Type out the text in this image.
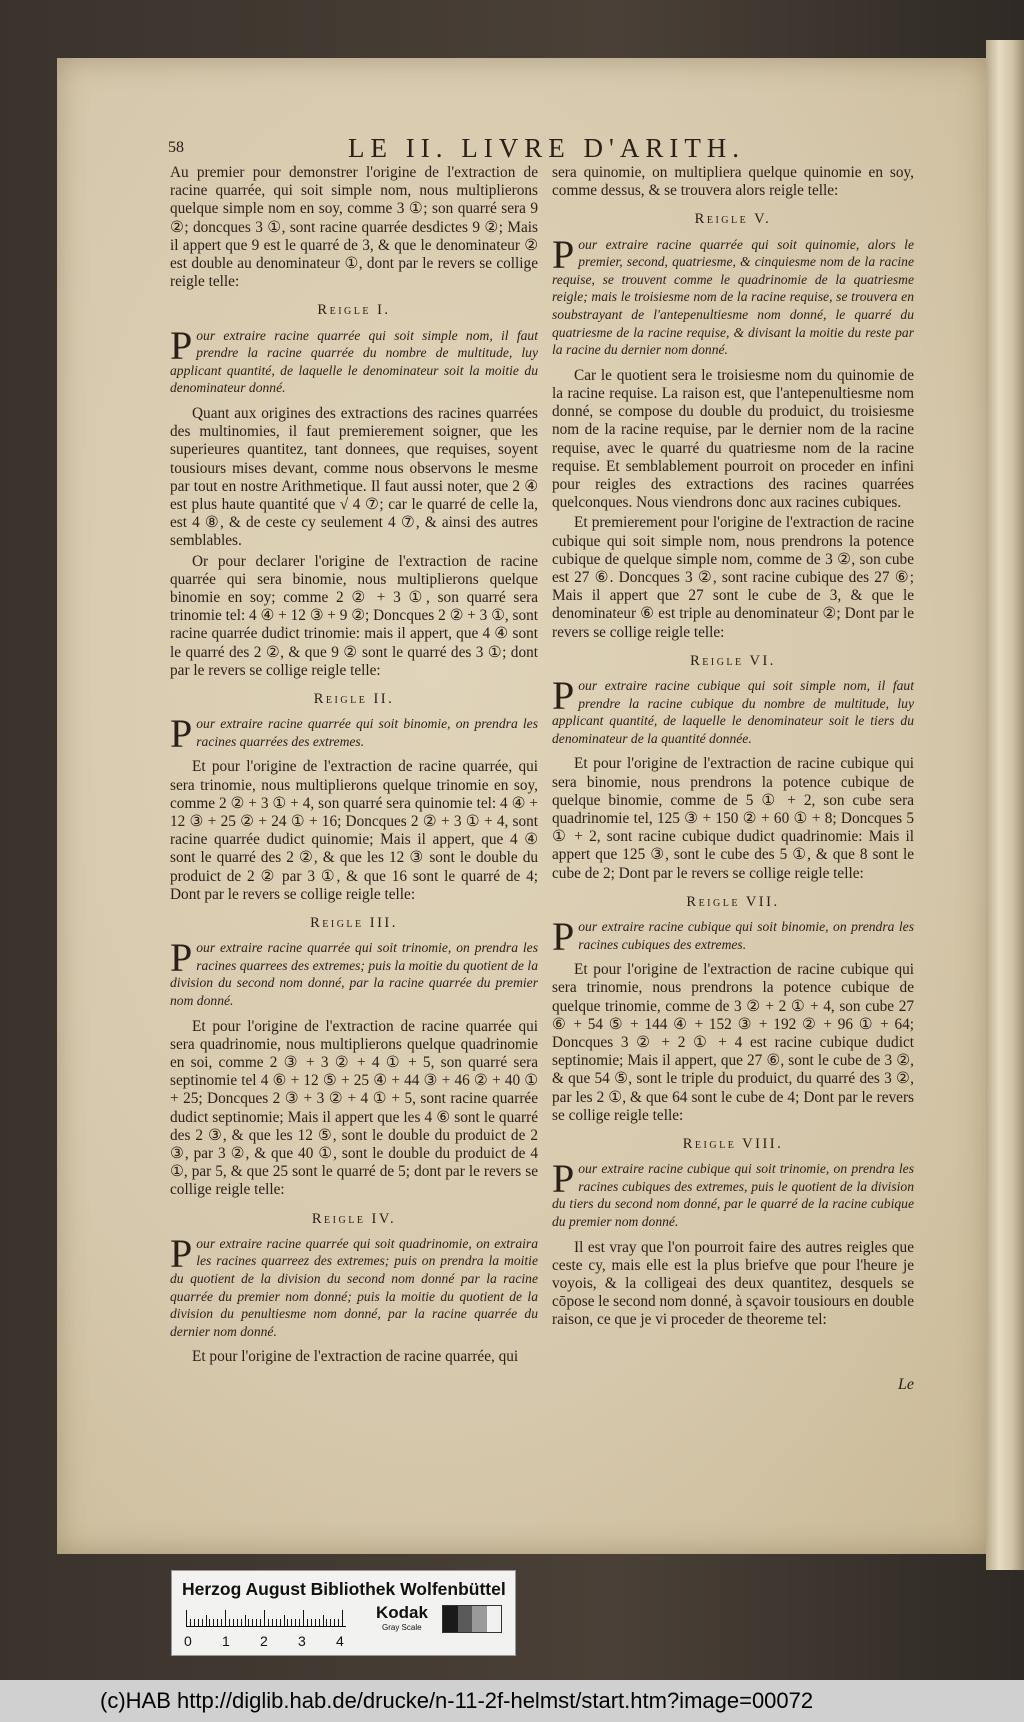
58	LE II. LIVRE D'ARITH.

Au premier pour demonstrer l'origine de l'extraction de racine quarrée, qui soit simple nom, nous multiplierons quelque simple nom en soy, comme 3 ①; son quarré sera 9 ②; doncques 3 ①, sont racine quarrée desdictes 9 ②; Mais il appert que 9 est le quarré de 3, & que le denominateur ② est double au denominateur ①, dont par le revers se collige reigle telle:

Reigle I.

Pour extraire racine quarrée qui soit simple nom, il faut prendre la racine quarrée du nombre de multitude, luy applicant quantité, de laquelle le denominateur soit la moitie du denominateur donné.

Quant aux origines des extractions des racines quarrées des multinomies, il faut premierement soigner, que les superieures quantitez, tant donnees, que requises, soyent tousiours mises devant, comme nous observons le mesme par tout en nostre Arithmetique. Il faut aussi noter, que 2 ④ est plus haute quantité que √ 4 ⑦; car le quarré de celle la, est 4 ⑧, & de ceste cy seulement 4 ⑦, & ainsi des autres semblables.

Or pour declarer l'origine de l'extraction de racine quarrée qui sera binomie, nous multiplierons quelque binomie en soy; comme 2 ② + 3 ①, son quarré sera trinomie tel: 4 ④ + 12 ③ + 9 ②; Doncques 2 ② + 3 ①, sont racine quarrée dudict trinomie: mais il appert, que 4 ④ sont le quarré des 2 ②, & que 9 ② sont le quarré des 3 ①; dont par le revers se collige reigle telle:

Reigle II.

Pour extraire racine quarrée qui soit binomie, on prendra les racines quarrées des extremes.

Et pour l'origine de l'extraction de racine quarrée, qui sera trinomie, nous multiplierons quelque trinomie en soy, comme 2 ② + 3 ① + 4, son quarré sera quinomie tel: 4 ④ + 12 ③ + 25 ② + 24 ① + 16; Doncques 2 ② + 3 ① + 4, sont racine quarrée dudict quinomie; Mais il appert, que 4 ④ sont le quarré des 2 ②, & que les 12 ③ sont le double du produict de 2 ② par 3 ①, & que 16 sont le quarré de 4; Dont par le revers se collige reigle telle:

Reigle III.

Pour extraire racine quarrée qui soit trinomie, on prendra les racines quarrees des extremes; puis la moitie du quotient de la division du second nom donné, par la racine quarrée du premier nom donné.

Et pour l'origine de l'extraction de racine quarrée qui sera quadrinomie, nous multiplierons quelque quadrinomie en soi, comme 2 ③ + 3 ② + 4 ① + 5, son quarré sera septinomie tel 4 ⑥ + 12 ⑤ + 25 ④ + 44 ③ + 46 ② + 40 ① + 25; Doncques 2 ③ + 3 ② + 4 ① + 5, sont racine quarrée dudict septinomie; Mais il appert que les 4 ⑥ sont le quarré des 2 ③, & que les 12 ⑤, sont le double du produict de 2 ③, par 3 ②, & que 40 ①, sont le double du produict de 4 ①, par 5, & que 25 sont le quarré de 5; dont par le revers se collige reigle telle:

Reigle IV.

Pour extraire racine quarrée qui soit quadrinomie, on extraira les racines quarreez des extremes; puis on prendra la moitie du quotient de la division du second nom donné par la racine quarrée du premier nom donné; puis la moitie du quotient de la division du penultiesme nom donné, par la racine quarrée du dernier nom donné.

Et pour l'origine de l'extraction de racine quarrée, qui

sera quinomie, on multipliera quelque quinomie en soy, comme dessus, & se trouvera alors reigle telle:

Reigle V.

Pour extraire racine quarrée qui soit quinomie, alors le premier, second, quatriesme, & cinquiesme nom de la racine requise, se trouvent comme le quadrinomie de la quatriesme reigle; mais le troisiesme nom de la racine requise, se trouvera en soubstrayant de l'antepenultiesme nom donné, le quarré du quatriesme de la racine requise, & divisant la moitie du reste par la racine du dernier nom donné.

Car le quotient sera le troisiesme nom du quinomie de la racine requise. La raison est, que l'antepenultiesme nom donné, se compose du double du produict, du troisiesme nom de la racine requise, par le dernier nom de la racine requise, avec le quarré du quatriesme nom de la racine requise. Et semblablement pourroit on proceder en infini pour reigles des extractions des racines quarrées quelconques. Nous viendrons donc aux racines cubiques.

Et premierement pour l'origine de l'extraction de racine cubique qui soit simple nom, nous prendrons la potence cubique de quelque simple nom, comme de 3 ②, son cube est 27 ⑥. Doncques 3 ②, sont racine cubique des 27 ⑥; Mais il appert que 27 sont le cube de 3, & que le denominateur ⑥ est triple au denominateur ②; Dont par le revers se collige reigle telle:

Reigle VI.

Pour extraire racine cubique qui soit simple nom, il faut prendre la racine cubique du nombre de multitude, luy applicant quantité, de laquelle le denominateur soit le tiers du denominateur de la quantité donnée.

Et pour l'origine de l'extraction de racine cubique qui sera binomie, nous prendrons la potence cubique de quelque binomie, comme de 5 ① + 2, son cube sera quadrinomie tel, 125 ③ + 150 ② + 60 ① + 8; Doncques 5 ① + 2, sont racine cubique dudict quadrinomie: Mais il appert que 125 ③, sont le cube des 5 ①, & que 8 sont le cube de 2; Dont par le revers se collige reigle telle:

Reigle VII.

Pour extraire racine cubique qui soit binomie, on prendra les racines cubiques des extremes.

Et pour l'origine de l'extraction de racine cubique qui sera trinomie, nous prendrons la potence cubique de quelque trinomie, comme de 3 ② + 2 ① + 4, son cube 27 ⑥ + 54 ⑤ + 144 ④ + 152 ③ + 192 ② + 96 ① + 64; Doncques 3 ② + 2 ① + 4 est racine cubique dudict septinomie; Mais il appert, que 27 ⑥, sont le cube de 3 ②, & que 54 ⑤, sont le triple du produict, du quarré des 3 ②, par les 2 ①, & que 64 sont le cube de 4; Dont par le revers se collige reigle telle:

Reigle VIII.

Pour extraire racine cubique qui soit trinomie, on prendra les racines cubiques des extremes, puis le quotient de la division du tiers du second nom donné, par le quarré de la racine cubique du premier nom donné.

Il est vray que l'on pourroit faire des autres reigles que ceste cy, mais elle est la plus briefve que pour l'heure je voyois, & la colligeai des deux quantitez, desquels se cōpose le second nom donné, à sçavoir tousiours en double raison, ce que je vi proceder de theoreme tel:

Le
Herzog August Bibliothek Wolfenbüttel
0 1 2 3 4
Kodak
Gray Scale
(c)HAB http://diglib.hab.de/drucke/n-11-2f-helmst/start.htm?image=00072
